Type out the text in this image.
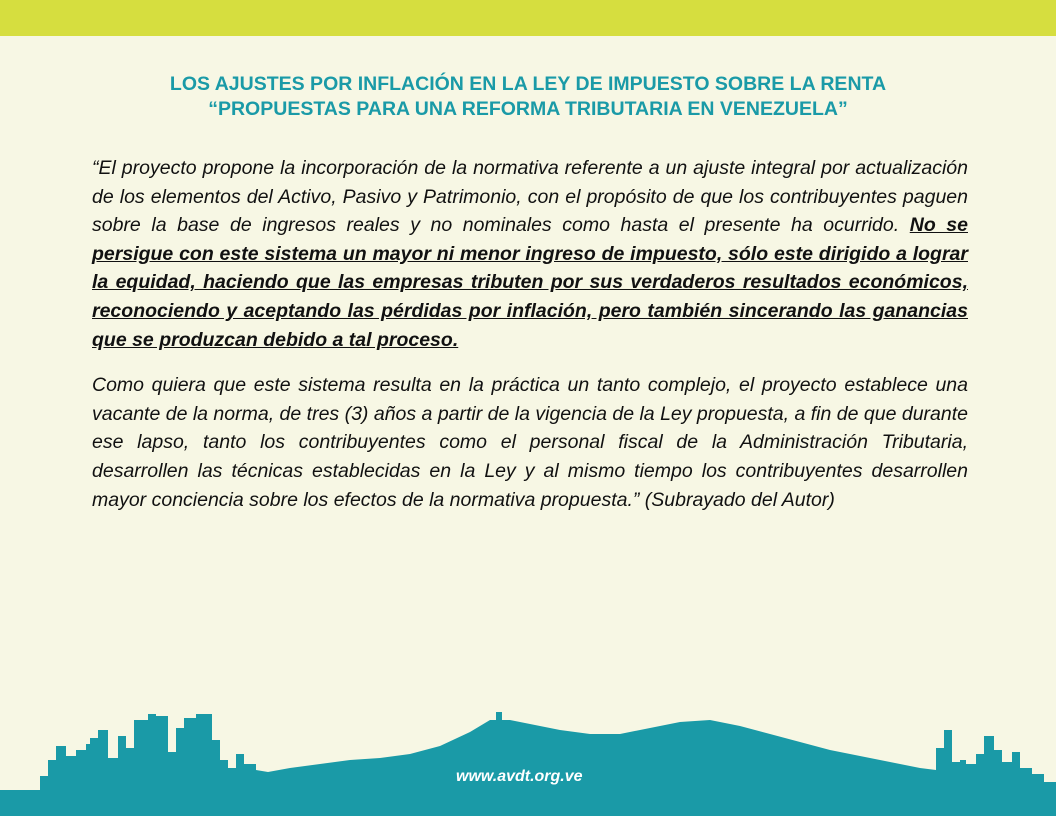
LOS AJUSTES POR INFLACIÓN EN LA LEY DE IMPUESTO SOBRE LA RENTA
“PROPUESTAS PARA UNA REFORMA TRIBUTARIA EN VENEZUELA”

“El proyecto propone la incorporación de la normativa referente a un ajuste integral por actualización de los elementos del Activo, Pasivo y Patrimonio, con el propósito de que los contribuyentes paguen sobre la base de ingresos reales y no nominales como hasta el presente ha ocurrido. No se persigue con este sistema un mayor ni menor ingreso de impuesto, sólo este dirigido a lograr la equidad, haciendo que las empresas tributen por sus verdaderos resultados económicos, reconociendo y aceptando las pérdidas por inflación, pero también sincerando las ganancias que se produzcan debido a tal proceso.

Como quiera que este sistema resulta en la práctica un tanto complejo, el proyecto establece una vacante de la norma, de tres (3) años a partir de la vigencia de la Ley propuesta, a fin de que durante ese lapso, tanto los contribuyentes como el personal fiscal de la Administración Tributaria, desarrollen las técnicas establecidas en la Ley y al mismo tiempo los contribuyentes desarrollen mayor conciencia sobre los efectos de la normativa propuesta.” (Subrayado del Autor)

www.avdt.org.ve
